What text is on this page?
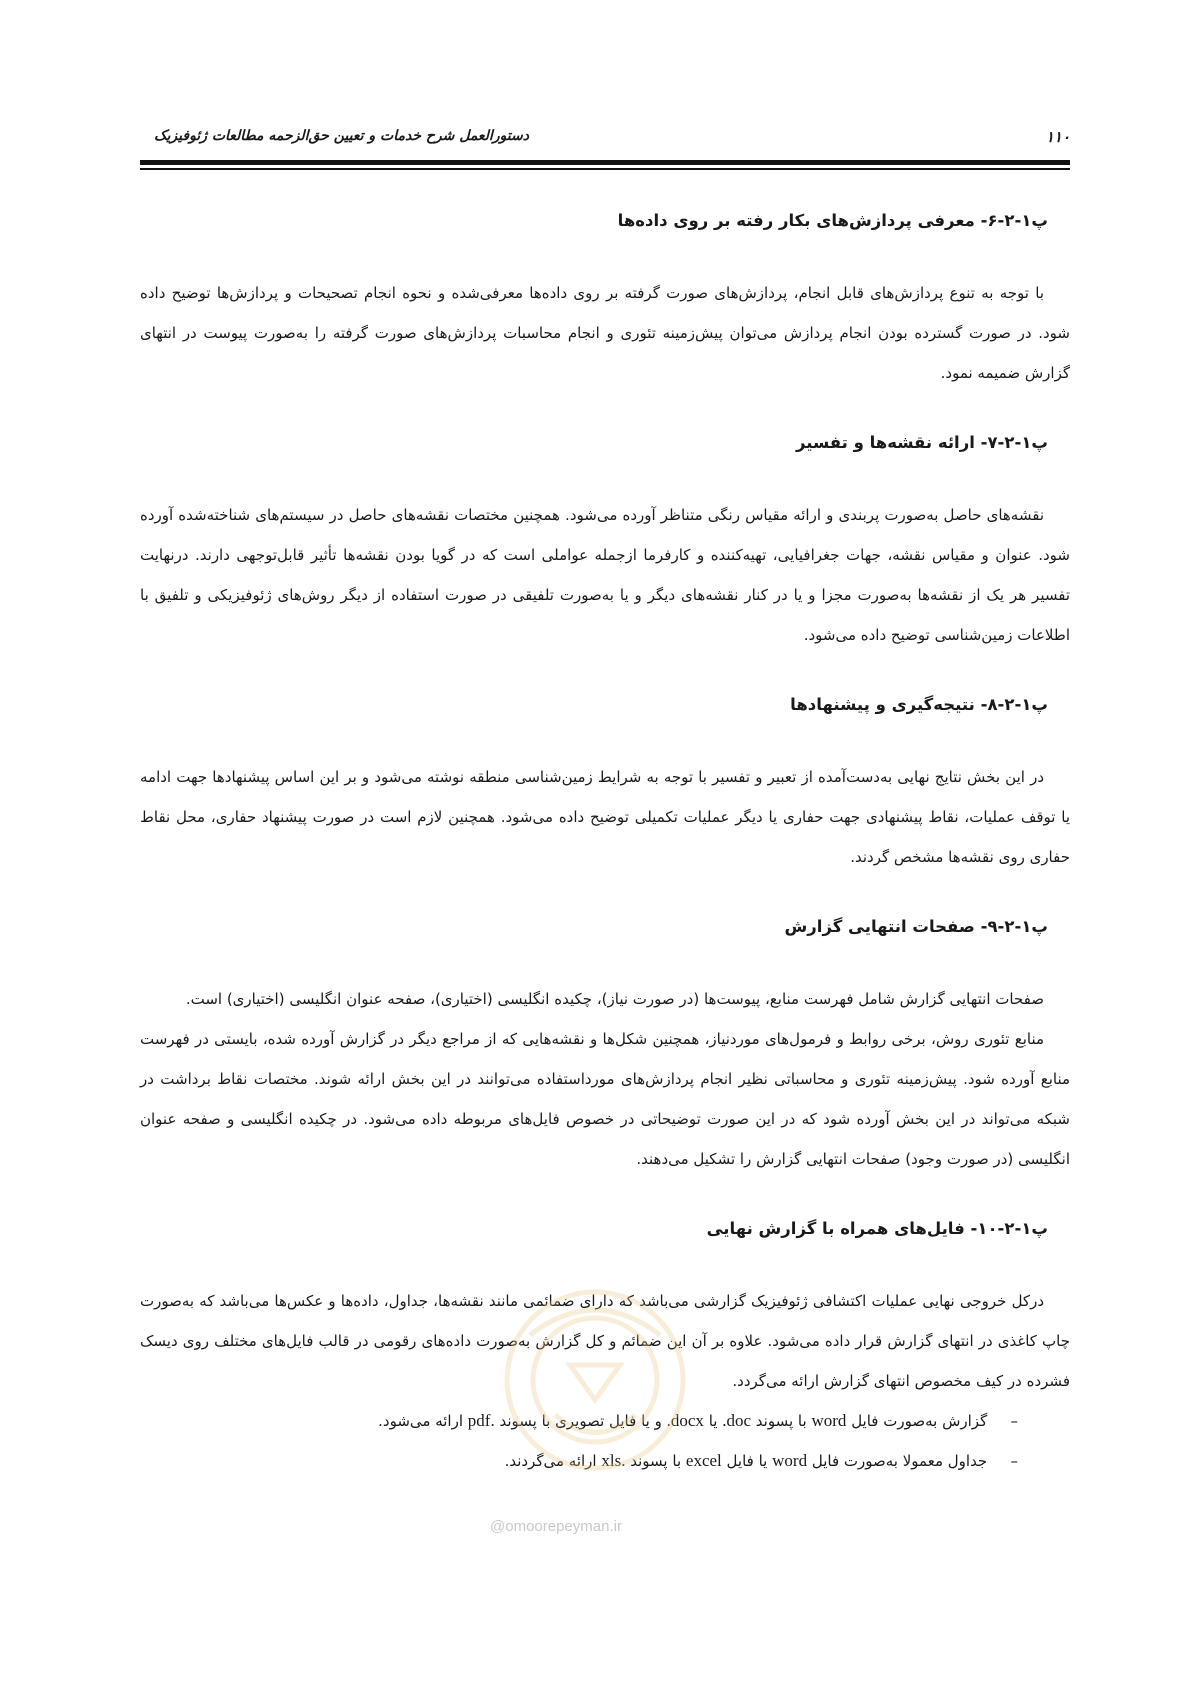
۱۱۰
دستورالعمل شرح خدمات و تعیین حق‌الزحمه مطالعات ژئوفیزیک
پ۱-۲-۶- معرفی پردازش‌های بکار رفته بر روی داده‌ها

با توجه به تنوع پردازش‌های قابل انجام، پردازش‌های صورت گرفته بر روی داده‌ها معرفی‌شده و نحوه انجام تصحیحات و پردازش‌ها توضیح داده شود. در صورت گسترده بودن انجام پردازش می‌توان پیش‌زمینه تئوری و انجام محاسبات پردازش‌های صورت گرفته را به‌صورت پیوست در انتهای گزارش ضمیمه نمود.

پ۱-۲-۷- ارائه نقشه‌ها و تفسیر

نقشه‌های حاصل به‌صورت پربندی و ارائه مقیاس رنگی متناظر آورده می‌شود. همچنین مختصات نقشه‌های حاصل در سیستم‌های شناخته‌شده آورده شود. عنوان و مقیاس نقشه، جهات جغرافیایی، تهیه‌کننده و کارفرما ازجمله عواملی است که در گویا بودن نقشه‌ها تأثیر قابل‌توجهی دارند. درنهایت تفسیر هر یک از نقشه‌ها به‌صورت مجزا و یا در کنار نقشه‌های دیگر و یا به‌صورت تلفیقی در صورت استفاده از دیگر روش‌های ژئوفیزیکی و تلفیق با اطلاعات زمین‌شناسی توضیح داده می‌شود.

پ۱-۲-۸- نتیجه‌گیری و پیشنهادها

در این بخش نتایج نهایی به‌دست‌آمده از تعبیر و تفسیر با توجه به شرایط زمین‌شناسی منطقه نوشته می‌شود و بر این اساس پیشنهادها جهت ادامه یا توقف عملیات، نقاط پیشنهادی جهت حفاری یا دیگر عملیات تکمیلی توضیح داده می‌شود. همچنین لازم است در صورت پیشنهاد حفاری، محل نقاط حفاری روی نقشه‌ها مشخص گردند.

پ۱-۲-۹- صفحات انتهایی گزارش

صفحات انتهایی گزارش شامل فهرست منابع، پیوست‌ها (در صورت نیاز)، چکیده انگلیسی (اختیاری)، صفحه عنوان انگلیسی (اختیاری) است.

منابع تئوری روش، برخی روابط و فرمول‌های موردنیاز، همچنین شکل‌ها و نقشه‌هایی که از مراجع دیگر در گزارش آورده شده، بایستی در فهرست منابع آورده شود. پیش‌زمینه تئوری و محاسباتی نظیر انجام پردازش‌های مورداستفاده می‌توانند در این بخش ارائه شوند. مختصات نقاط برداشت در شبکه می‌تواند در این بخش آورده شود که در این صورت توضیحاتی در خصوص فایل‌های مربوطه داده می‌شود. در چکیده انگلیسی و صفحه عنوان انگلیسی (در صورت وجود) صفحات انتهایی گزارش را تشکیل می‌دهند.

پ۱-۲-۱۰- فایل‌های همراه با گزارش نهایی

درکل خروجی نهایی عملیات اکتشافی ژئوفیزیک گزارشی می‌باشد که دارای ضمائمی مانند نقشه‌ها، جداول، داده‌ها و عکس‌ها می‌باشد که به‌صورت چاپ کاغذی در انتهای گزارش قرار داده می‌شود. علاوه بر آن این ضمائم و کل گزارش به‌صورت داده‌های رقومی در قالب فایل‌های مختلف روی دیسک فشرده در کیف مخصوص انتهای گزارش ارائه می‌گردد.

– گزارش به‌صورت فایل word با پسوند .doc یا .docx و یا فایل تصویری با پسوند pdf. ارائه می‌شود.
– جداول معمولا به‌صورت فایل word یا فایل excel با پسوند xls. ارائه می‌گردند.
@omoorepeyman.ir
